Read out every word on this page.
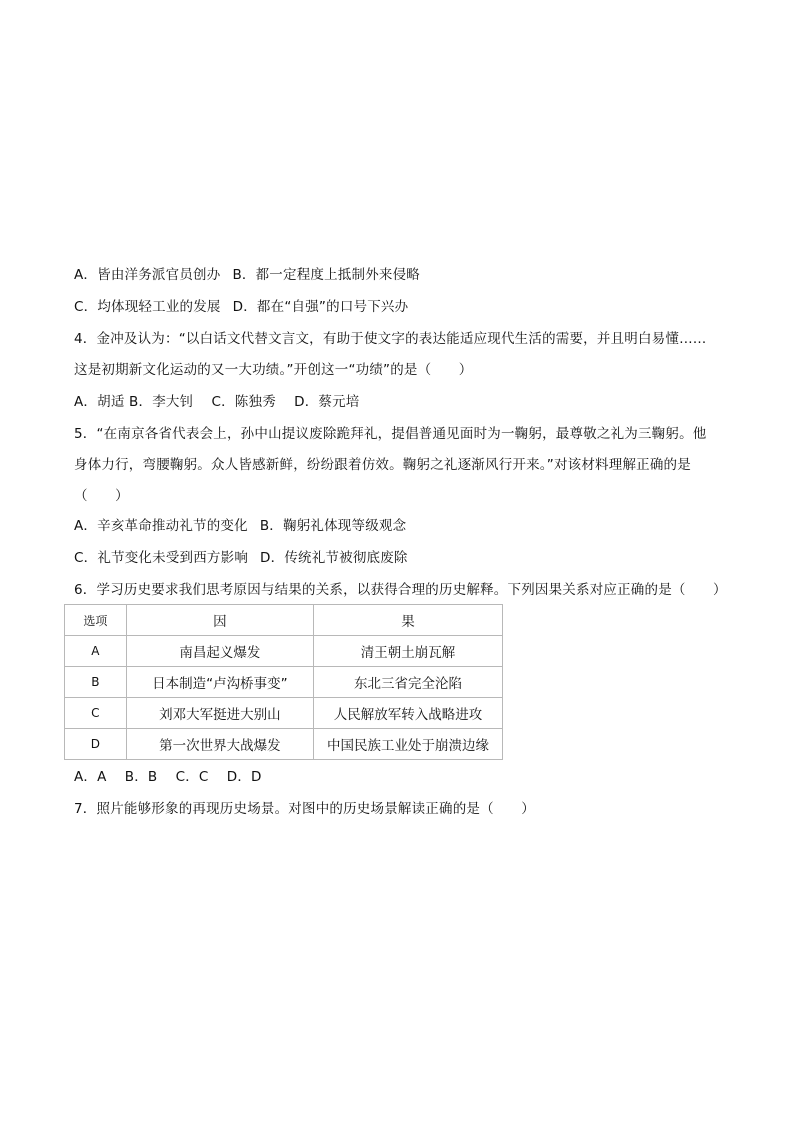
A．皆由洋务派官员创办 B．都一定程度上抵制外来侵略
C．均体现轻工业的发展 D．都在“自强”的口号下兴办
4．金冲及认为：“以白话文代替文言文，有助于使文字的表达能适应现代生活的需要，并且明白易懂……
这是初期新文化运动的又一大功绩。”开创这一“功绩”的是（　　）
A．胡适 B．李大钊　 C．陈独秀　 D．蔡元培
5．“在南京各省代表会上，孙中山提议废除跪拜礼，提倡普通见面时为一鞠躬，最尊敬之礼为三鞠躬。他
身体力行，弯腰鞠躬。众人皆感新鲜，纷纷跟着仿效。鞠躬之礼逐渐风行开来。”对该材料理解正确的是
（　　）
A．辛亥革命推动礼节的变化 B．鞠躬礼体现等级观念
C．礼节变化未受到西方影响 D．传统礼节被彻底废除
6．学习历史要求我们思考原因与结果的关系，以获得合理的历史解释。下列因果关系对应正确的是（　　）
选项	因	果
A	南昌起义爆发	清王朝土崩瓦解
B	日本制造“卢沟桥事变”	东北三省完全沦陷
C	刘邓大军挺进大别山	人民解放军转入战略进攻
D	第一次世界大战爆发	中国民族工业处于崩溃边缘
A．A　 B．B　 C．C　 D．D
7．照片能够形象的再现历史场景。对图中的历史场景解读正确的是（　　）
